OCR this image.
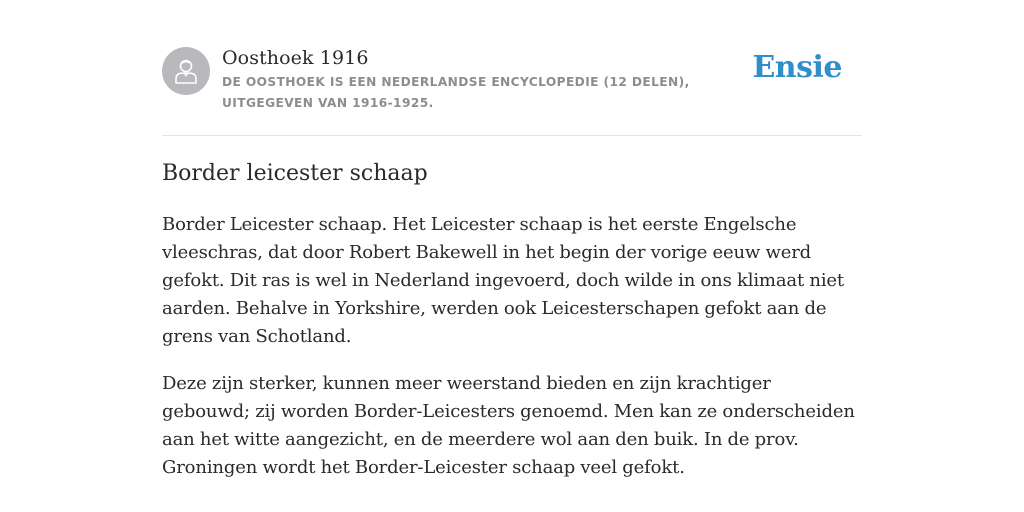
Oosthoek 1916
DE OOSTHOEK IS EEN NEDERLANDSE ENCYCLOPEDIE (12 DELEN), UITGEGEVEN VAN 1916-1925.
Ensie
Border leicester schaap

Border Leicester schaap. Het Leicester schaap is het eerste Engelsche vleeschras, dat door Robert Bakewell in het begin der vorige eeuw werd gefokt. Dit ras is wel in Nederland ingevoerd, doch wilde in ons klimaat niet aarden. Behalve in Yorkshire, werden ook Leicesterschapen gefokt aan de grens van Schotland.

Deze zijn sterker, kunnen meer weerstand bieden en zijn krachtiger gebouwd; zij worden Border-Leicesters genoemd. Men kan ze onderscheiden aan het witte aangezicht, en de meerdere wol aan den buik. In de prov. Groningen wordt het Border-Leicester schaap veel gefokt.
